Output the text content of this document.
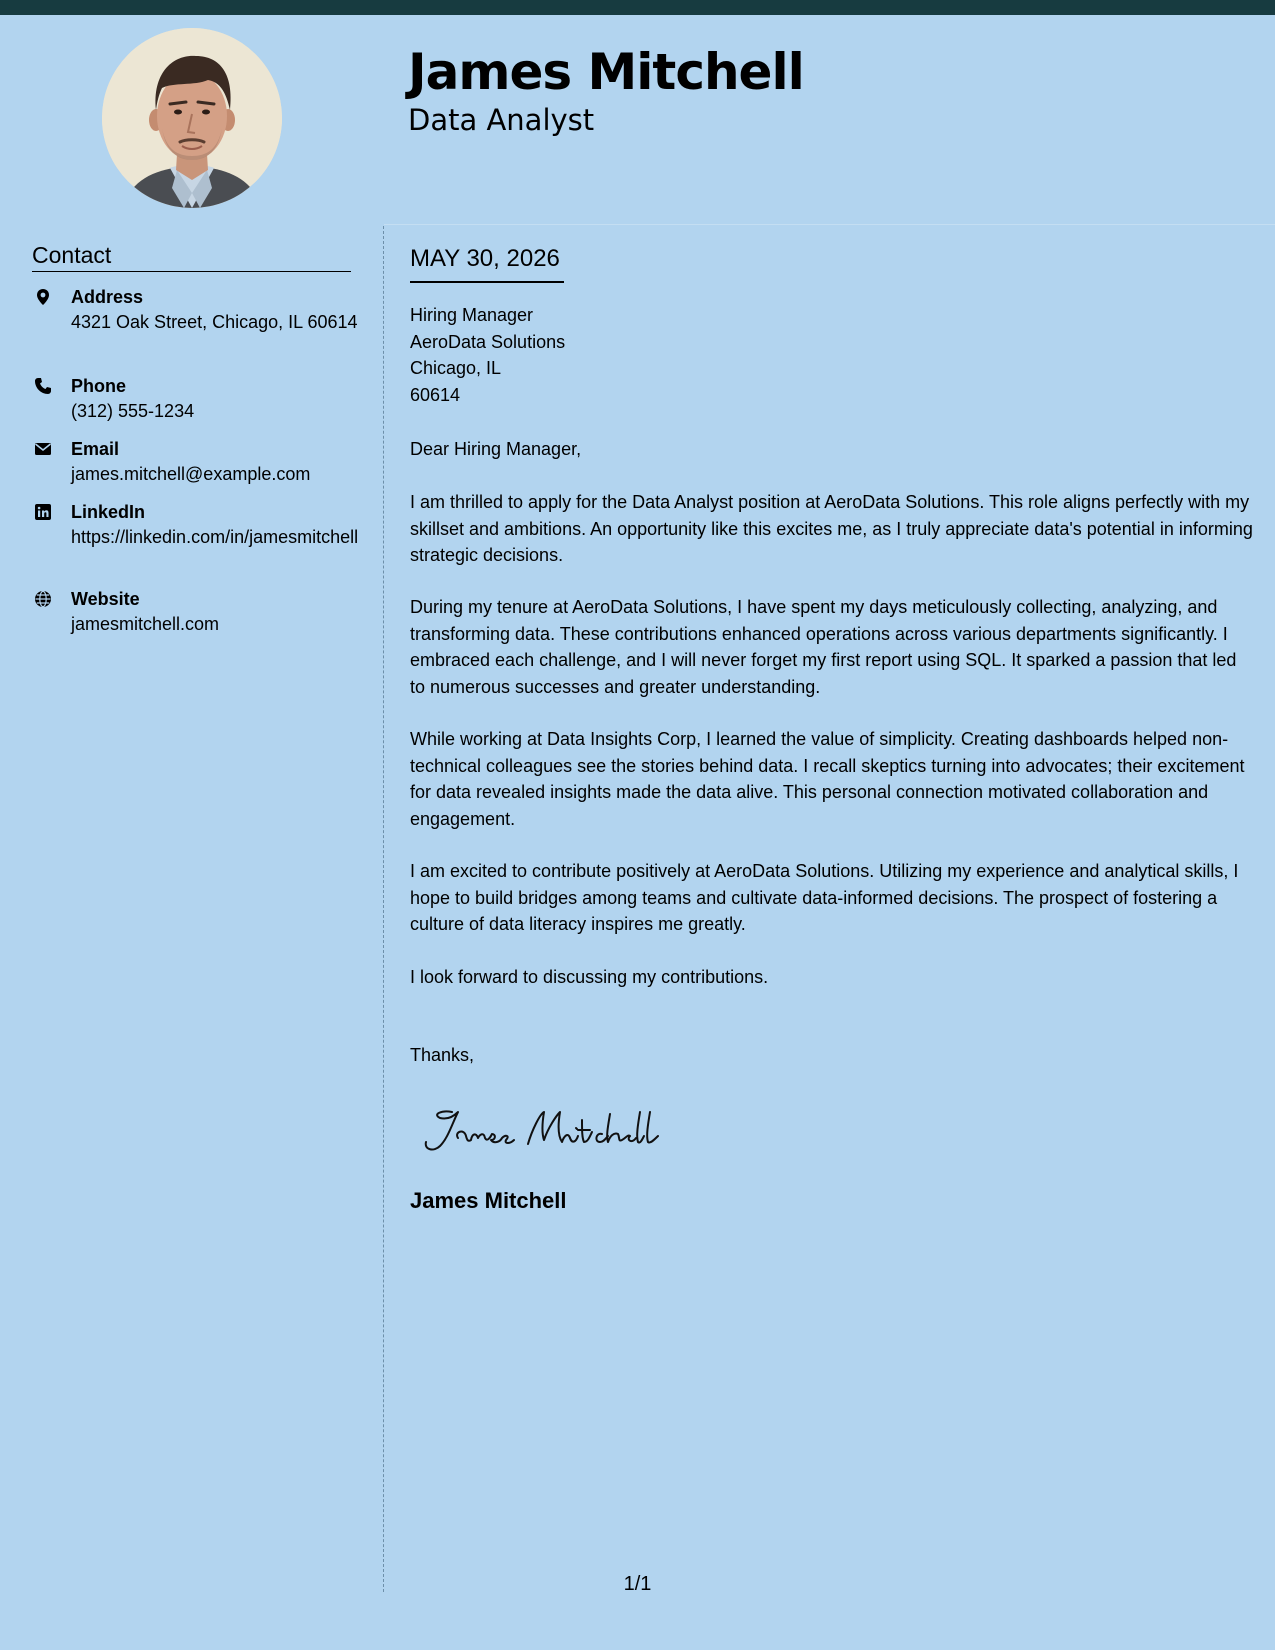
James Mitchell
Data Analyst
Contact
Address
4321 Oak Street, Chicago, IL 60614
Phone
(312) 555-1234
Email
james.mitchell@example.com
LinkedIn
https://linkedin.com/in/jamesmitchell
Website
jamesmitchell.com
MAY 30, 2026
Hiring Manager
AeroData Solutions
Chicago, IL
60614
Dear Hiring Manager,
I am thrilled to apply for the Data Analyst position at AeroData Solutions. This role aligns perfectly with my skillset and ambitions. An opportunity like this excites me, as I truly appreciate data's potential in informing strategic decisions.
During my tenure at AeroData Solutions, I have spent my days meticulously collecting, analyzing, and transforming data. These contributions enhanced operations across various departments significantly. I embraced each challenge, and I will never forget my first report using SQL. It sparked a passion that led to numerous successes and greater understanding.
While working at Data Insights Corp, I learned the value of simplicity. Creating dashboards helped non-technical colleagues see the stories behind data. I recall skeptics turning into advocates; their excitement for data revealed insights made the data alive. This personal connection motivated collaboration and engagement.
I am excited to contribute positively at AeroData Solutions. Utilizing my experience and analytical skills, I hope to build bridges among teams and cultivate data-informed decisions. The prospect of fostering a culture of data literacy inspires me greatly.
I look forward to discussing my contributions.
Thanks,
James Mitchell
1/1
